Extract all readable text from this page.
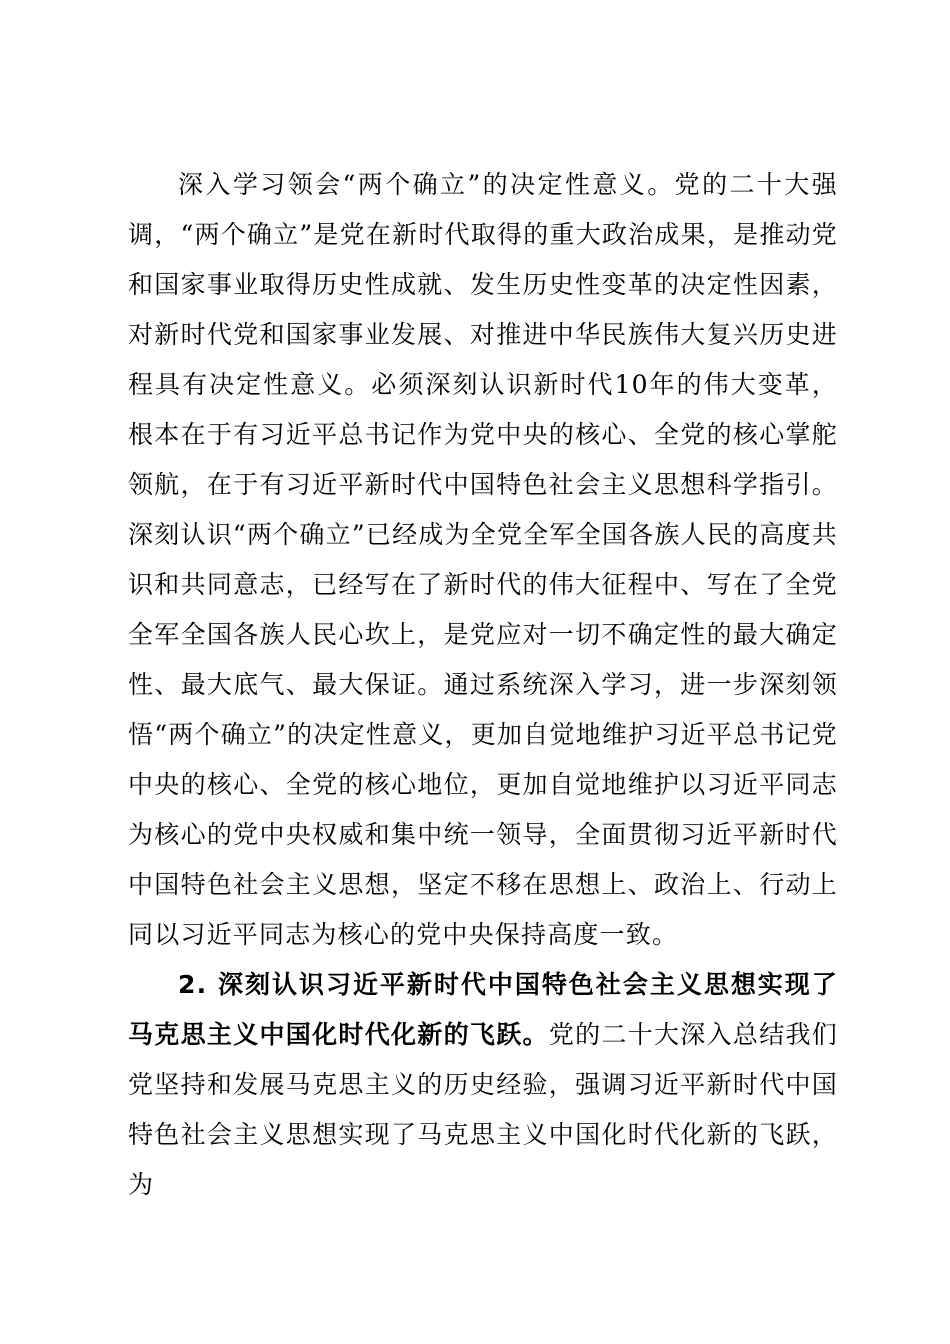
深入学习领会“两个确立”的决定性意义。党的二十大强调，“两个确立”是党在新时代取得的重大政治成果，是推动党和国家事业取得历史性成就、发生历史性变革的决定性因素，对新时代党和国家事业发展、对推进中华民族伟大复兴历史进程具有决定性意义。必须深刻认识新时代10年的伟大变革，根本在于有习近平总书记作为党中央的核心、全党的核心掌舵领航，在于有习近平新时代中国特色社会主义思想科学指引。深刻认识“两个确立”已经成为全党全军全国各族人民的高度共识和共同意志，已经写在了新时代的伟大征程中、写在了全党全军全国各族人民心坎上，是党应对一切不确定性的最大确定性、最大底气、最大保证。通过系统深入学习，进一步深刻领悟“两个确立”的决定性意义，更加自觉地维护习近平总书记党中央的核心、全党的核心地位，更加自觉地维护以习近平同志为核心的党中央权威和集中统一领导，全面贯彻习近平新时代中国特色社会主义思想，坚定不移在思想上、政治上、行动上同以习近平同志为核心的党中央保持高度一致。

2. 深刻认识习近平新时代中国特色社会主义思想实现了马克思主义中国化时代化新的飞跃。党的二十大深入总结我们党坚持和发展马克思主义的历史经验，强调习近平新时代中国特色社会主义思想实现了马克思主义中国化时代化新的飞跃，为
